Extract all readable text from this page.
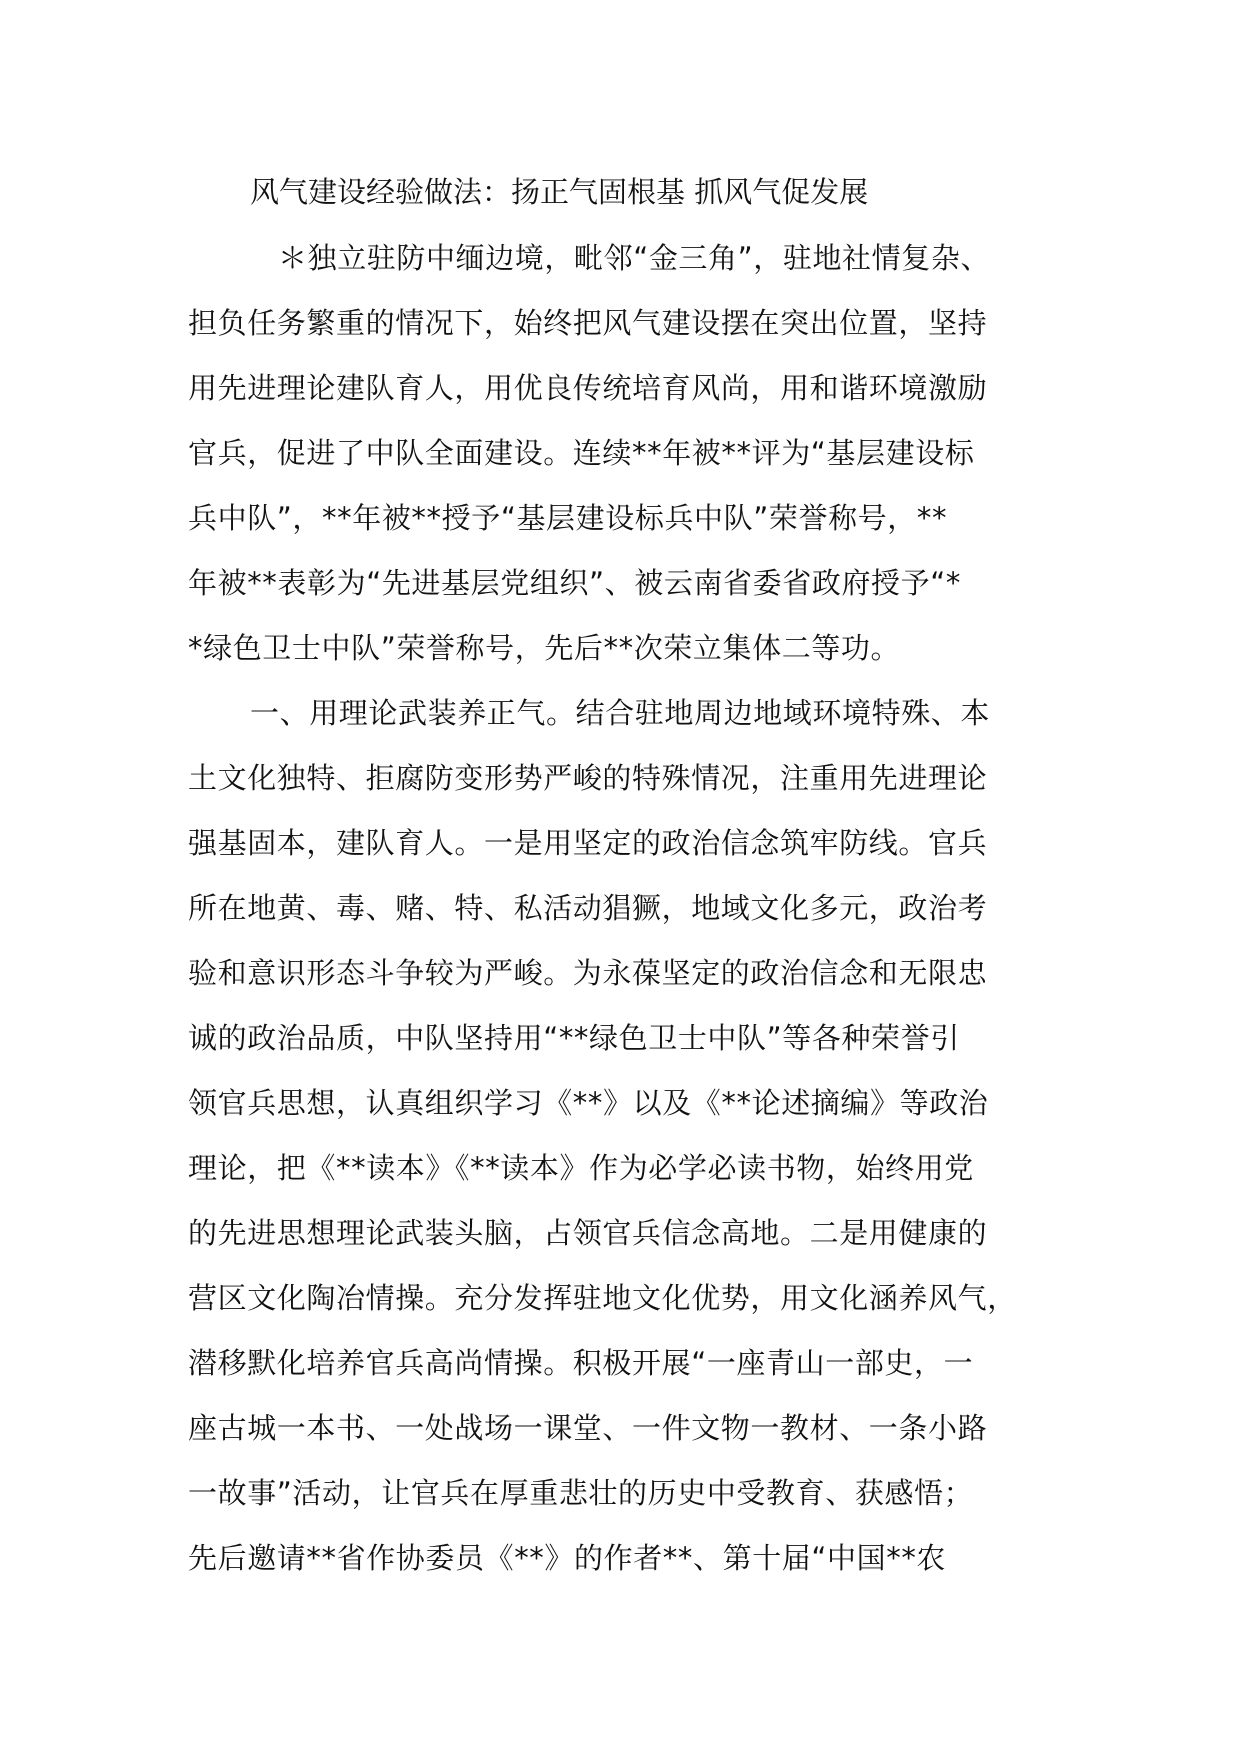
风气建设经验做法：扬正气固根基 抓风气促发展
＊独立驻防中缅边境，毗邻“金三角”，驻地社情复杂、
担负任务繁重的情况下，始终把风气建设摆在突出位置，坚持
用先进理论建队育人，用优良传统培育风尚，用和谐环境激励
官兵，促进了中队全面建设。连续**年被**评为“基层建设标
兵中队”，**年被**授予“基层建设标兵中队”荣誉称号，**
年被**表彰为“先进基层党组织”、被云南省委省政府授予“*
*绿色卫士中队”荣誉称号，先后**次荣立集体二等功。
一、用理论武装养正气。结合驻地周边地域环境特殊、本
土文化独特、拒腐防变形势严峻的特殊情况，注重用先进理论
强基固本，建队育人。一是用坚定的政治信念筑牢防线。官兵
所在地黄、毒、赌、特、私活动猖獗，地域文化多元，政治考
验和意识形态斗争较为严峻。为永葆坚定的政治信念和无限忠
诚的政治品质，中队坚持用“**绿色卫士中队”等各种荣誉引
领官兵思想，认真组织学习《**》以及《**论述摘编》等政治
理论，把《**读本》《**读本》作为必学必读书物，始终用党
的先进思想理论武装头脑，占领官兵信念高地。二是用健康的
营区文化陶冶情操。充分发挥驻地文化优势，用文化涵养风气，
潜移默化培养官兵高尚情操。积极开展“一座青山一部史，一
座古城一本书、一处战场一课堂、一件文物一教材、一条小路
一故事”活动，让官兵在厚重悲壮的历史中受教育、获感悟；
先后邀请**省作协委员《**》的作者**、第十届“中国**农
